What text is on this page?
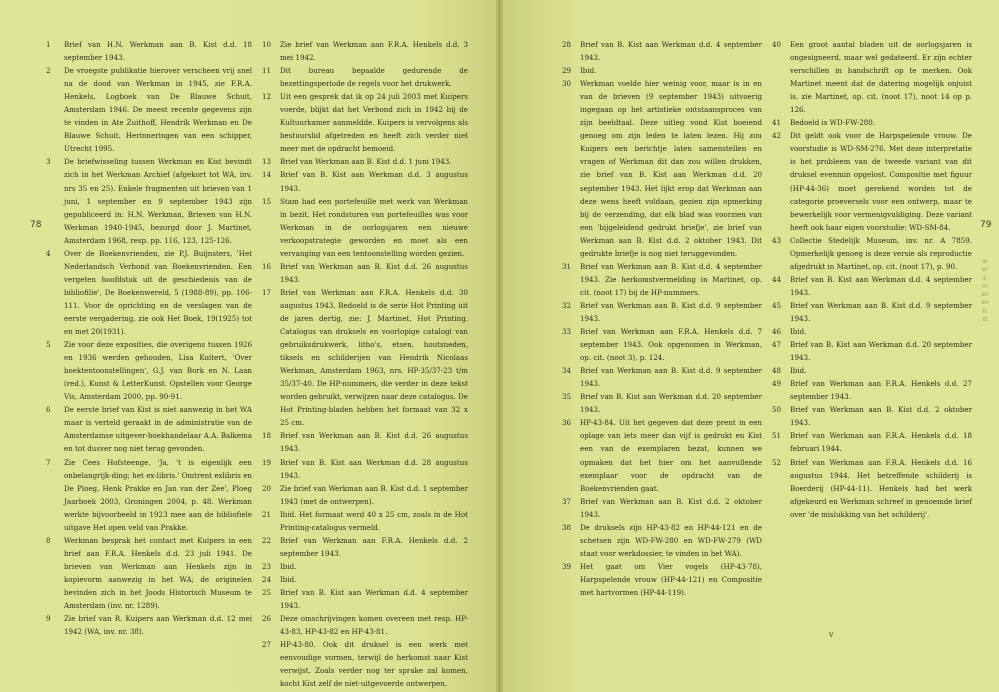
78	79
werkman en kist
v
1	Brief van H.N. Werkman aan B. Kist d.d. 18 september 1943.
2	De vroegste publikatie hierover verscheen vrij snel na de dood van Werkman in 1945, zie F.R.A. Henkels, Logboek van De Blauwe Schuit, Amsterdam 1946. De meest recente gegevens zijn te vinden in Ate Zuithoff, Hendrik Werkman en De Blauwe Schuit. Herinneringen van een schipper, Utrecht 1995.
3	De briefwisseling tussen Werkman en Kist bevindt zich in het Werkman Archief (afgekort tot WA, inv. nrs 35 en 25). Enkele fragmenten uit brieven van 1 juni, 1 september en 9 september 1943 zijn gepubliceerd in: H.N. Werkman, Brieven van H.N. Werkman 1940-1945, bezorgd door J. Martinet, Amsterdam 1968, resp. pp. 116, 123, 125-126.
4	Over de Boekenvrienden, zie P.J. Buijnsters, 'Het Nederlandsch Verbond van Boekenvrienden. Een vergeten hoofdstuk uit de geschiedenis van de bibliofilie', De Boekenwereld, 5 (1988-89), pp. 106-111. Voor de oprichting en de verslagen van de eerste vergadering, zie ook Het Boek, 19(1925) tot en met 20(1931).
5	Zie voor deze exposities, die overigens tussen 1926 en 1936 werden gehouden, Lisa Kuitert, 'Over boektentoonstellingen', G.J. van Bork en N. Laan (red.), Kunst & LetterKunst. Opstellen voor George Vis, Amsterdam 2000, pp. 90-91.
6	De eerste brief van Kist is niet aanwezig in het WA maar is verteld geraakt in de administratie van de Amsterdamse uitgever-boekhandelaar A.A. Balkema en tot dusver nog niet terug gevonden.
7	Zie Cees Hofsteenge, 'Ja, 't is eigenlijk een onbelangrijk-ding; het ex-libris.' Omtrent exlibris en De Ploeg, Henk Prakke en Jan van der Zee', Ploeg Jaarboek 2003, Groningen 2004, p. 48. Werkman werkte bijvoorbeeld in 1923 mee aan de bibliofiele uitgave Het open veld van Prakke.
8	Werkman besprak het contact met Kuipers in een brief aan F.R.A. Henkels d.d. 23 juli 1941. De brieven van Werkman aan Henkels zijn in kopievorm aanwezig in het WA; de originelen bevinden zich in het Joods Historisch Museum te Amsterdam (inv. nr. 1289).
9	Zie brief van R. Kuipers aan Werkman d.d. 12 mei 1942 (WA, inv. nr. 38).
10	Zie brief van Werkman aan F.R.A. Henkels d.d. 3 mei 1942.
11	Dit bureau bepaalde gedurende de bezettingsperiode de regels voor het drukwerk.
12	Uit een gesprek dat ik op 24 juli 2003 met Kuipers voerde, blijkt dat het Verbond zich in 1942 bij de Kultuurkamer aanmeldde. Kuipers is vervolgens als bestuurslid afgetreden en heeft zich verder niet meer met de opdracht bemoeid.
13	Brief van Werkman aan B. Kist d.d. 1 juni 1943.
14	Brief van B. Kist aan Werkman d.d. 3 augustus 1943.
15	Stam had een portefeuille met werk van Werkman in bezit. Het rondsturen van portefeuilles was voor Werkman in de oorlogsjaren een nieuwe verkoopstrategie geworden en moet als een vervanging van een tentoonstelling worden gezien.
16	Brief van Werkman aan B. Kist d.d. 26 augustus 1943.
17	Brief van Werkman aan F.R.A. Henkels d.d. 30 augustus 1943. Bedoeld is de serie Hot Printing uit de jaren dertig, zie: J. Martinet, Hot Printing. Catalogus van druksels en voorlopige catalogi van gebruiksdrukwerk, litho's, etsen, houtsneden, tiksels en schilderijen van Hendrik Nicolaas Werkman, Amsterdam 1963, nrs. HP-35/37-23 t/m 35/37-40. De HP-nummers, die verder in deze tekst worden gebruikt, verwijzen naar deze catalogus. De Hot Printing-bladen hebben het formaat van 32 x 25 cm.
18	Brief van Werkman aan B. Kist d.d. 26 augustus 1943.
19	Brief van B. Kist aan Werkman d.d. 28 augustus 1943.
20	Zie brief van Werkman aan B. Kist d.d. 1 september 1943 (met de ontwerpen).
21	Ibid. Het formaat werd 40 x 25 cm, zoals in de Hot Printing-catalogus vermeld.
22	Brief van Werkman aan F.R.A. Henkels d.d. 2 september 1943.
23	Ibid.
24	Ibid.
25	Brief van B. Kist aan Werkman d.d. 4 september 1943.
26	Deze omschrijvingen komen overeen met resp. HP-43-83, HP-43-82 en HP-43-81.
27	HP-43-80. Ook dit druksel is een werk met eenvoudige vormen, terwijl de herkomst naar Kist verwijst. Zoals verder nog ter sprake zal komen, kocht Kist zelf de niet-uitgevoerde ontwerpen.
28	Brief van B. Kist aan Werkman d.d. 4 september 1943.
29	Ibid.
30	Werkman voelde hier weinig voor, maar is in en van de brieven (9 september 1943) uitvoerig ingegaan op het artistieke ontstaansproces van zijn beeldtaal. Deze uitleg vond Kist boeiend genoeg om zijn leden te laten lezen. Hij zou Kuipers een berichtje laten samenstellen en vragen of Werkman dit dan zou willen drukken, zie brief van B. Kist aan Werkman d.d. 20 september 1943. Het lijkt erop dat Werkman aan deze wens heeft voldaan, gezien zijn opmerking bij de verzending, dat elk blad was voorzien van een 'bijgeleidend gedrukt briefje', zie brief van Werkman aan B. Kist d.d. 2 oktober 1943. Dit gedrukte briefje is nog niet teruggevonden.
31	Brief van Werkman aan B. Kist d.d. 4 september 1943. Zie herkomstvermelding in Martinet, op. cit. (noot 17) bij de HP-nummers.
32	Brief van Werkman aan B. Kist d.d. 9 september 1943.
33	Brief van Werkman aan F.R.A. Henkels d.d. 7 september 1943. Ook opgenomen in Werkman, op. cit. (noot 3), p. 124.
34	Brief van Werkman aan B. Kist d.d. 9 september 1943.
35	Brief van B. Kist aan Werkman d.d. 20 september 1943.
36	HP-43-84. Uit het gegeven dat deze prent in een oplage van iets meer dan vijf is gedrukt en Kist een van de exemplaren bezat, kunnen we opmaken dat het hier om het aanvullende exemplaar voor de opdracht van de Boekenvrienden gaat.
37	Brief van Werkman aan B. Kist d.d. 2 oktober 1943.
38	De druksels zijn HP-43-82 en HP-44-121 en de schetsen zijn WD-FW-280 en WD-FW-279 (WD staat voor werkdossier, te vinden in het WA).
39	Het gaat om Vier vogels (HP-43-78), Harpspelende vrouw (HP-44-121) en Compositie met hartvormen (HP-44-119).
40	Een groot aantal bladen uit de oorlogsjaren is ongesigneerd, maar wel gedateerd. Er zijn echter verschillen in handschrift op te merken. Ook Martinet meent dat de datering mogelijk onjuist is, zie Martinet, op. cit. (noot 17), noot 14 op p. 126.
41	Bedoeld is WD-FW-280.
42	Dit geldt ook voor de Harpspelende vrouw. De voorstudie is WD-SM-276. Met deze interpretatie is het probleem van de tweede variant van dit druksel evenmin opgelost. Compositie met figuur (HP-44-36) moet gerekend worden tot de categorie proeversels voor een ontwerp, maar te bewerkelijk voor vermenigvuldiging. Deze variant heeft ook haar eigen voorstudie: WD-SM-84.
43	Collectie Stedelijk Museum, inv. nr. A 7859. Opmerkelijk genoeg is deze versie als reproductie afgedrukt in Martinet, op. cit. (noot 17), p. 90.
44	Brief van B. Kist aan Werkman d.d. 4 september 1943.
45	Brief van Werkman aan B. Kist d.d. 9 september 1943.
46	Ibid.
47	Brief van B. Kist aan Werkman d.d. 20 september 1943.
48	Ibid.
49	Brief van Werkman aan F.R.A. Henkels d.d. 27 september 1943.
50	Brief van Werkman aan B. Kist d.d. 2 oktober 1943.
51	Brief van Werkman aan F.R.A. Henkels d.d. 18 februari 1944.
52	Brief van Werkman aan F.R.A. Henkels d.d. 16 augustus 1944. Het betreffende schilderij is Boerderij (HP-44-11). Henkels had het werk afgekeurd en Werkman schreef in genoemde brief over 'de mislukking van het schilderij'.
